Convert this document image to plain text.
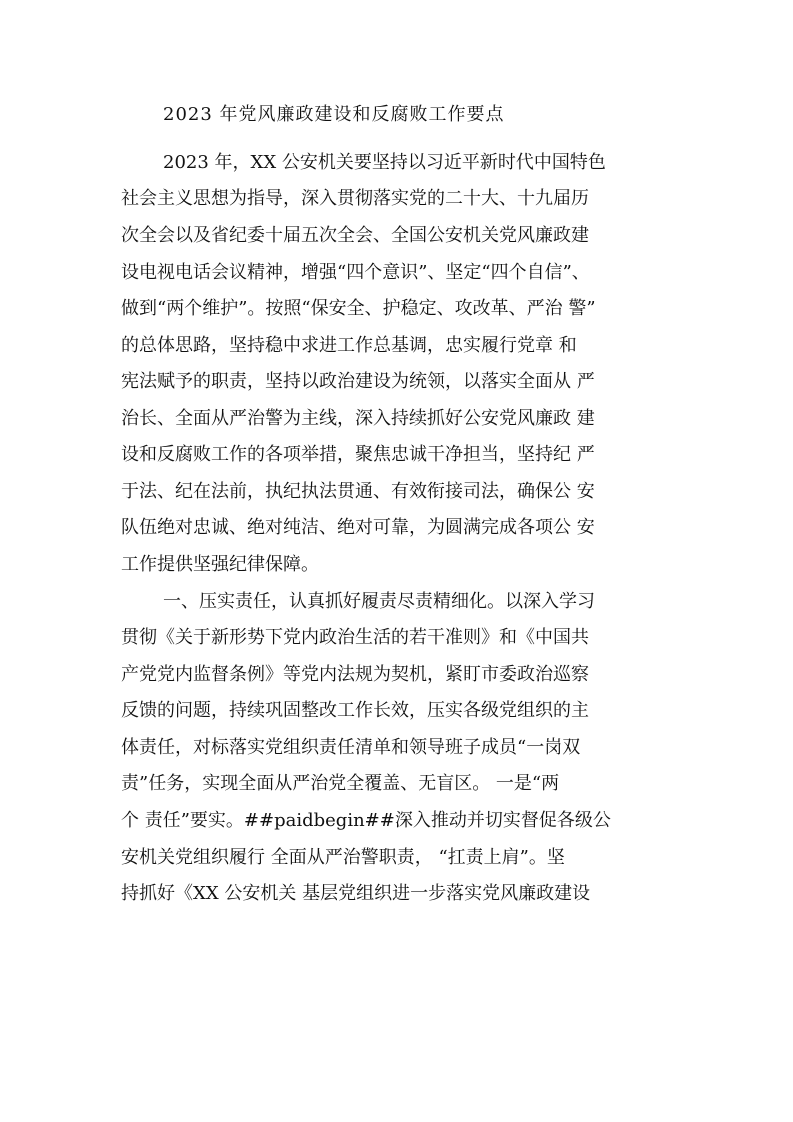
2023 年党风廉政建设和反腐败工作要点
2023 年，XX 公安机关要坚持以习近平新时代中国特色
社会主义思想为指导，深入贯彻落实党的二十大、十九届历
次全会以及省纪委十届五次全会、全国公安机关党风廉政建
设电视电话会议精神，增强“四个意识”、坚定“四个自信”、
做到“两个维护”。按照“保安全、护稳定、攻改革、严治 警”
的总体思路，坚持稳中求进工作总基调，忠实履行党章 和
宪法赋予的职责，坚持以政治建设为统领，以落实全面从 严
治长、全面从严治警为主线，深入持续抓好公安党风廉政 建
设和反腐败工作的各项举措，聚焦忠诚干净担当，坚持纪 严
于法、纪在法前，执纪执法贯通、有效衔接司法，确保公 安
队伍绝对忠诚、绝对纯洁、绝对可靠，为圆满完成各项公 安
工作提供坚强纪律保障。
一、压实责任，认真抓好履责尽责精细化。以深入学习
贯彻《关于新形势下党内政治生活的若干准则》和《中国共
产党党内监督条例》等党内法规为契机，紧盯市委政治巡察
反馈的问题，持续巩固整改工作长效，压实各级党组织的主
体责任，对标落实党组织责任清单和领导班子成员“一岗双
责”任务，实现全面从严治党全覆盖、无盲区。 一是“两
个 责任”要实。##paidbegin##深入推动并切实督促各级公
安机关党组织履行 全面从严治警职责， “扛责上肩”。坚
持抓好《XX 公安机关 基层党组织进一步落实党风廉政建设
